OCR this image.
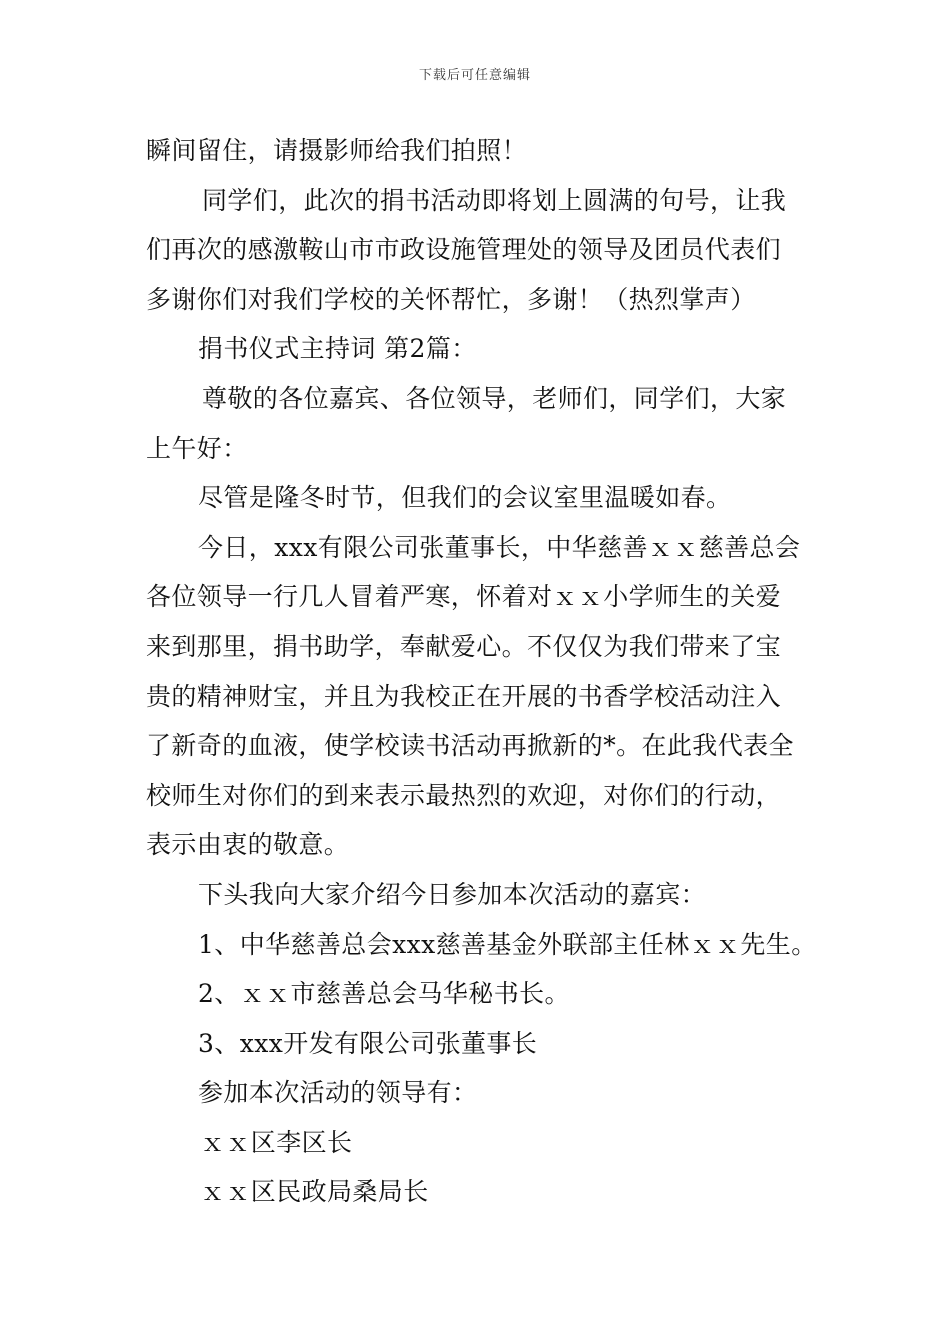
下载后可任意编辑
瞬间留住，请摄影师给我们拍照！
同学们，此次的捐书活动即将划上圆满的句号，让我
们再次的感激鞍山市市政设施管理处的领导及团员代表们
多谢你们对我们学校的关怀帮忙，多谢！（热烈掌声）
捐书仪式主持词 第2篇：
尊敬的各位嘉宾、各位领导，老师们，同学们，大家
上午好：
尽管是隆冬时节，但我们的会议室里温暖如春。
今日，xxx有限公司张董事长，中华慈善ｘｘ慈善总会
各位领导一行几人冒着严寒，怀着对ｘｘ小学师生的关爱
来到那里，捐书助学，奉献爱心。不仅仅为我们带来了宝
贵的精神财宝，并且为我校正在开展的书香学校活动注入
了新奇的血液，使学校读书活动再掀新的*。在此我代表全
校师生对你们的到来表示最热烈的欢迎，对你们的行动，
表示由衷的敬意。
下头我向大家介绍今日参加本次活动的嘉宾：
1、中华慈善总会xxx慈善基金外联部主任林ｘｘ先生。
2、ｘｘ市慈善总会马华秘书长。
3、xxx开发有限公司张董事长
参加本次活动的领导有：
ｘｘ区李区长
ｘｘ区民政局桑局长
